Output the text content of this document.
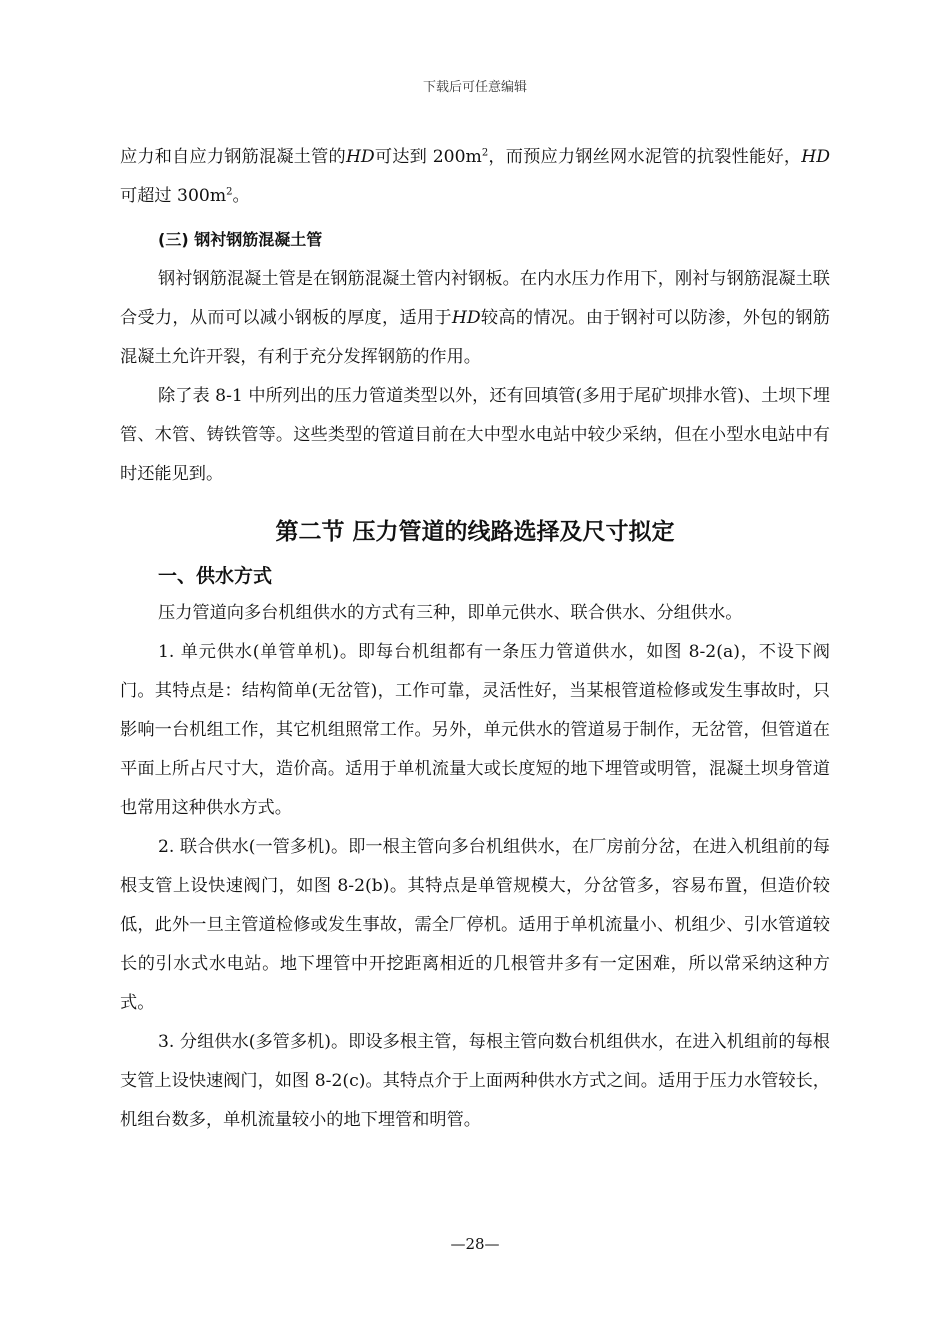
下载后可任意编辑

应力和自应力钢筋混凝土管的HD可达到 $200m^2$，而预应力钢丝网水泥管的抗裂性能好，HD可超过 $300m^2$。

(三) 钢衬钢筋混凝土管

钢衬钢筋混凝土管是在钢筋混凝土管内衬钢板。在内水压力作用下，刚衬与钢筋混凝土联合受力，从而可以减小钢板的厚度，适用于HD较高的情况。由于钢衬可以防渗，外包的钢筋混凝土允许开裂，有利于充分发挥钢筋的作用。

除了表 8-1 中所列出的压力管道类型以外，还有回填管(多用于尾矿坝排水管)、土坝下埋管、木管、铸铁管等。这些类型的管道目前在大中型水电站中较少采纳，但在小型水电站中有时还能见到。

第二节 压力管道的线路选择及尺寸拟定
一、供水方式

压力管道向多台机组供水的方式有三种，即单元供水、联合供水、分组供水。

1. 单元供水(单管单机)。即每台机组都有一条压力管道供水，如图 8-2(a)，不设下阀门。其特点是：结构简单(无岔管)，工作可靠，灵活性好，当某根管道检修或发生事故时，只影响一台机组工作，其它机组照常工作。另外，单元供水的管道易于制作，无岔管，但管道在平面上所占尺寸大，造价高。适用于单机流量大或长度短的地下埋管或明管，混凝土坝身管道也常用这种供水方式。

2. 联合供水(一管多机)。即一根主管向多台机组供水，在厂房前分岔，在进入机组前的每根支管上设快速阀门，如图 8-2(b)。其特点是单管规模大，分岔管多，容易布置，但造价较低，此外一旦主管道检修或发生事故，需全厂停机。适用于单机流量小、机组少、引水管道较长的引水式水电站。地下埋管中开挖距离相近的几根管井多有一定困难，所以常采纳这种方式。

3. 分组供水(多管多机)。即设多根主管，每根主管向数台机组供水，在进入机组前的每根支管上设快速阀门，如图 8-2(c)。其特点介于上面两种供水方式之间。适用于压力水管较长，机组台数多，单机流量较小的地下埋管和明管。

—28—
